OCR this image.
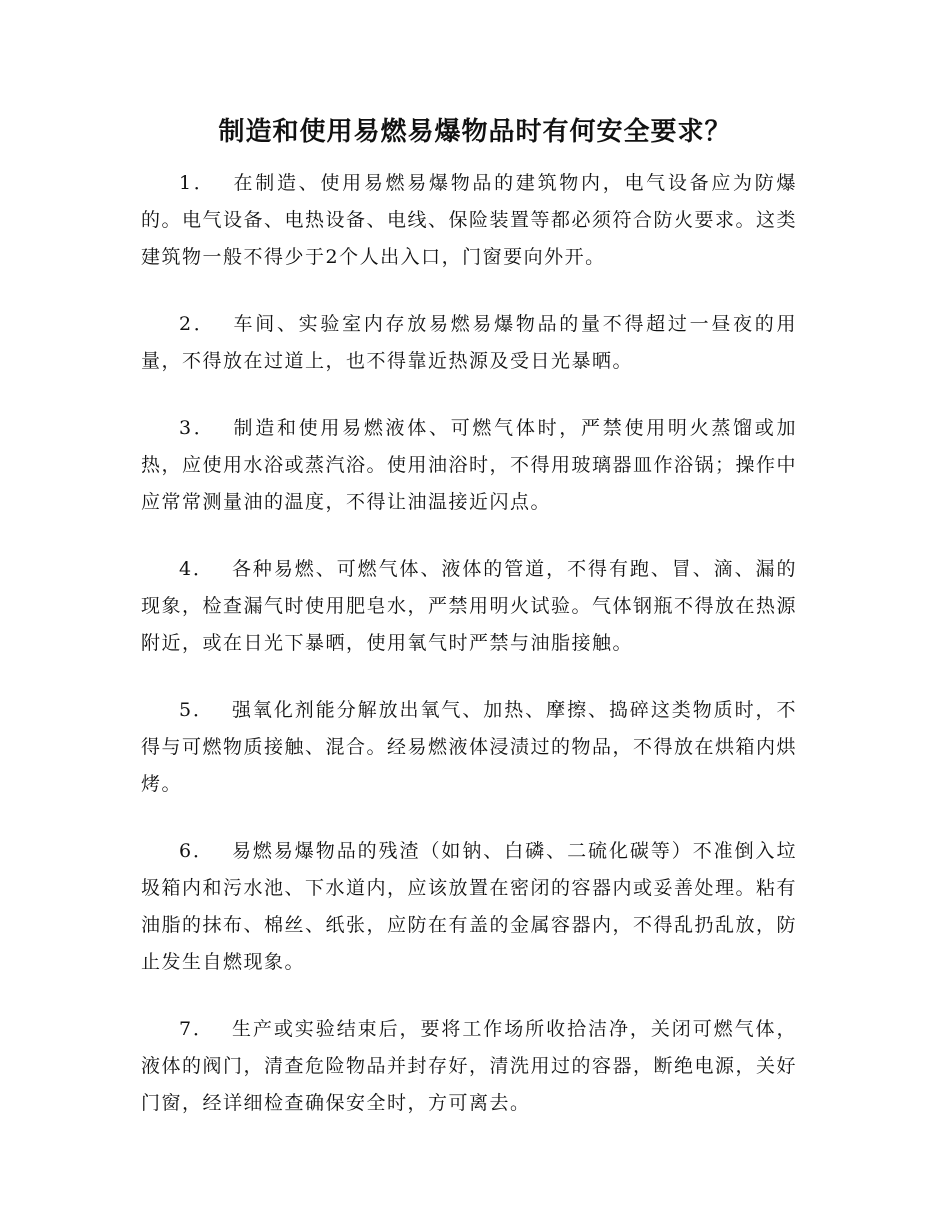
制造和使用易燃易爆物品时有何安全要求？

1． 在制造、使用易燃易爆物品的建筑物内，电气设备应为防爆的。电气设备、电热设备、电线、保险装置等都必须符合防火要求。这类建筑物一般不得少于2个人出入口，门窗要向外开。

2． 车间、实验室内存放易燃易爆物品的量不得超过一昼夜的用量，不得放在过道上，也不得靠近热源及受日光暴晒。

3． 制造和使用易燃液体、可燃气体时，严禁使用明火蒸馏或加热，应使用水浴或蒸汽浴。使用油浴时，不得用玻璃器皿作浴锅；操作中应常常测量油的温度，不得让油温接近闪点。

4． 各种易燃、可燃气体、液体的管道，不得有跑、冒、滴、漏的现象，检查漏气时使用肥皂水，严禁用明火试验。气体钢瓶不得放在热源附近，或在日光下暴晒，使用氧气时严禁与油脂接触。

5． 强氧化剂能分解放出氧气、加热、摩擦、捣碎这类物质时，不得与可燃物质接触、混合。经易燃液体浸渍过的物品，不得放在烘箱内烘烤。

6． 易燃易爆物品的残渣（如钠、白磷、二硫化碳等）不准倒入垃圾箱内和污水池、下水道内，应该放置在密闭的容器内或妥善处理。粘有油脂的抹布、棉丝、纸张，应防在有盖的金属容器内，不得乱扔乱放，防止发生自燃现象。

7． 生产或实验结束后，要将工作场所收拾洁净，关闭可燃气体，液体的阀门，清查危险物品并封存好，清洗用过的容器，断绝电源，关好门窗，经详细检查确保安全时，方可离去。
